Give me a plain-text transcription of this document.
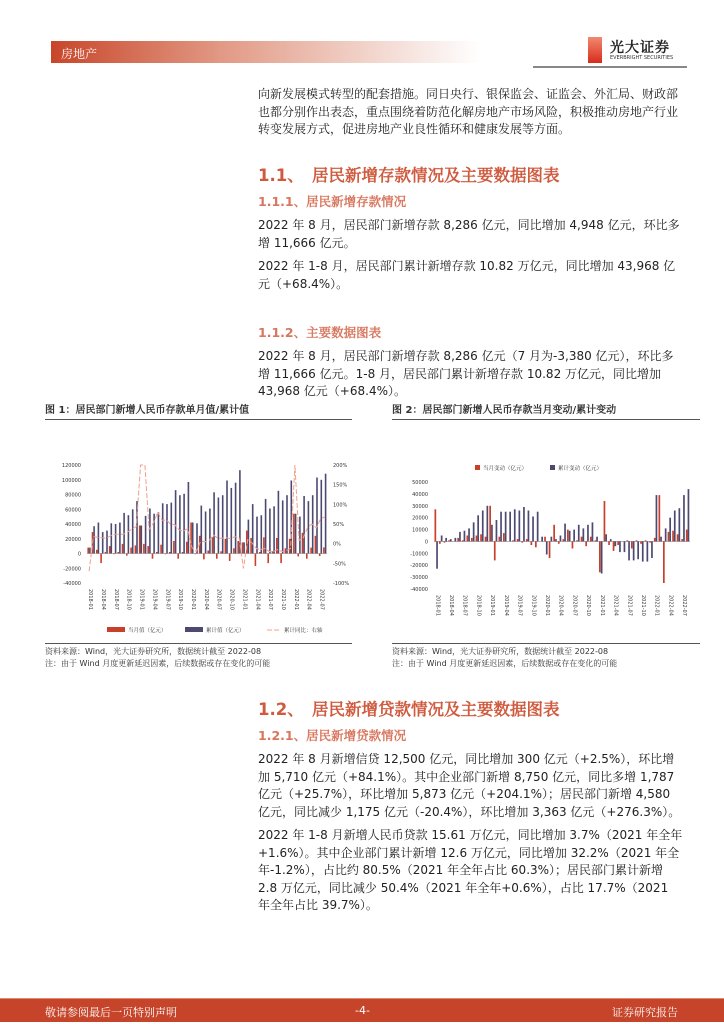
房地产	光大证券
EVERBRIGHT SECURITIES
向新发展模式转型的配套措施。同日央行、银保监会、证监会、外汇局、财政部也都分别作出表态，重点围绕着防范化解房地产市场风险，积极推动房地产行业转变发展方式，促进房地产业良性循环和健康发展等方面。
1.1、　居民新增存款情况及主要数据图表
1.1.1、居民新增存款情况
2022 年 8 月，居民部门新增存款 8,286 亿元，同比增加 4,948 亿元，环比多增 11,666 亿元。
2022 年 1-8 月，居民部门累计新增存款 10.82 万亿元，同比增加 43,968 亿元（+68.4%）。
1.1.2、主要数据图表
2022 年 8 月，居民部门新增存款 8,286 亿元（7 月为-3,380 亿元），环比多增 11,666 亿元。1-8 月，居民部门累计新增存款 10.82 万亿元，同比增加 43,968 亿元（+68.4%）。
图 1：居民部门新增人民币存款单月值/累计值
120000
100000
80000
60000
40000
20000
0
-20000
-40000
200%
150%
100%
50%
0%
-50%
-100%
2018-01 2018-04 2018-07 2018-10 2019-01 2019-04 2019-07 2019-10 2020-01 2020-04 2020-07 2020-10 2021-01 2021-04 2021-07 2021-10 2022-01 2022-04 2022-07
当月值（亿元）	累计值（亿元）	累计同比：右轴
资料来源：Wind，光大证券研究所，数据统计截至 2022-08
注：由于 Wind 月度更新延迟因素，后续数据或存在变化的可能
图 2：居民部门新增人民币存款当月变动/累计变动
50000
40000
30000
20000
10000
0
-10000
-20000
-30000
-40000
2018-01 2018-04 2018-07 2018-10 2019-01 2019-04 2019-07 2019-10 2020-01 2020-04 2020-07 2020-10 2021-01 2021-04 2021-07 2021-10 2022-01 2022-04 2022-07
当月变动（亿元）	累计变动（亿元）
资料来源：Wind，光大证券研究所，数据统计截至 2022-08
注：由于 Wind 月度更新延迟因素，后续数据或存在变化的可能
1.2、　居民新增贷款情况及主要数据图表
1.2.1、居民新增贷款情况
2022 年 8 月新增信贷 12,500 亿元，同比增加 300 亿元（+2.5%），环比增加 5,710 亿元（+84.1%）。其中企业部门新增 8,750 亿元，同比多增 1,787 亿元（+25.7%），环比增加 5,873 亿元（+204.1%）；居民部门新增 4,580 亿元，同比减少 1,175 亿元（-20.4%），环比增加 3,363 亿元（+276.3%）。
2022 年 1-8 月新增人民币贷款 15.61 万亿元，同比增加 3.7%（2021 年全年+1.6%）。其中企业部门累计新增 12.6 万亿元，同比增加 32.2%（2021 年全年-1.2%），占比约 80.5%（2021 年全年占比 60.3%）；居民部门累计新增 2.8 万亿元，同比减少 50.4%（2021 年全年+0.6%），占比 17.7%（2021 年全年占比 39.7%）。
敬请参阅最后一页特别声明	-4-	证券研究报告
